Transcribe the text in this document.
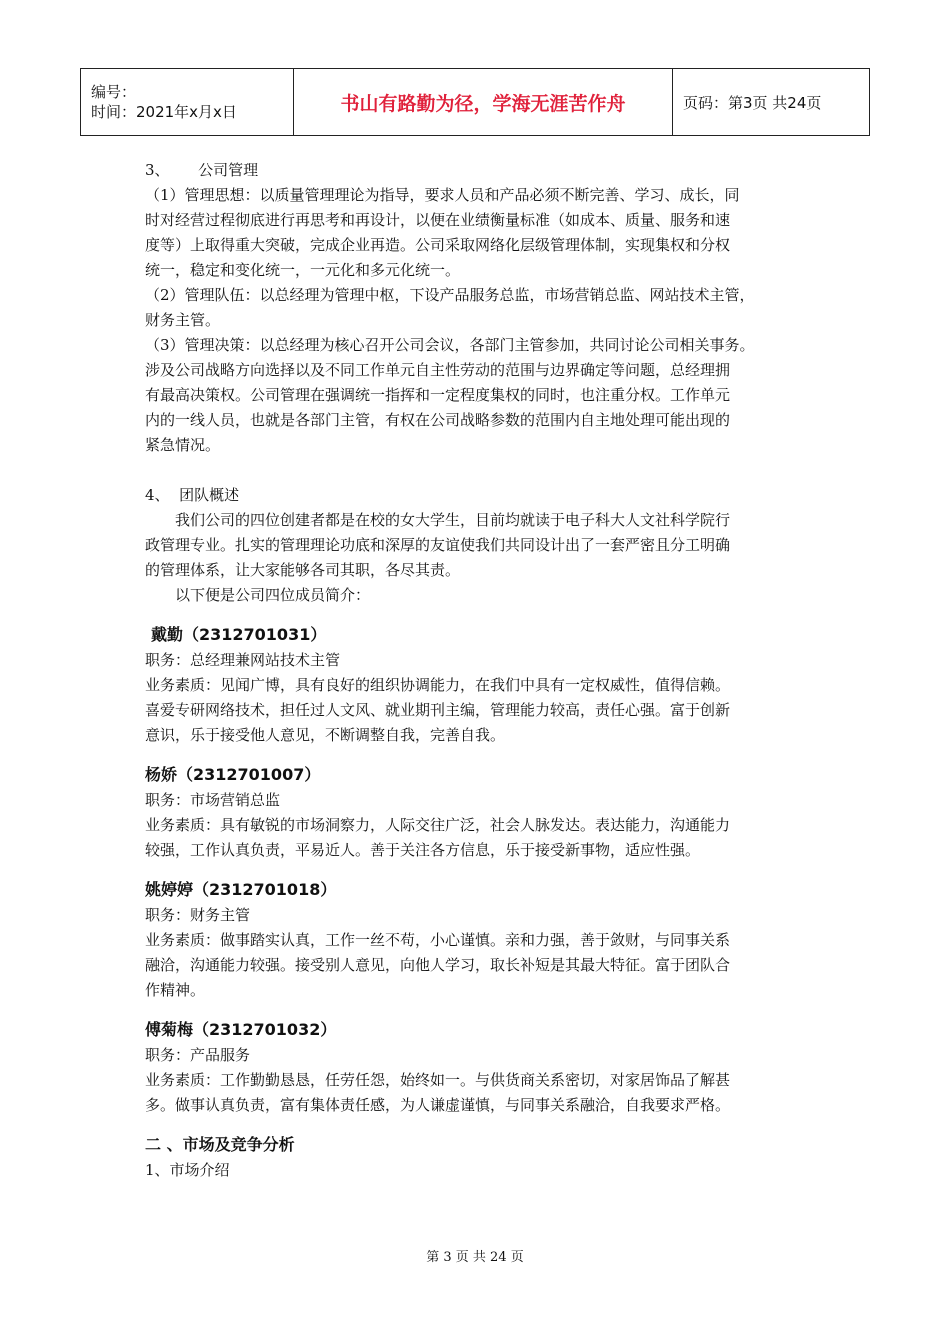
编号：
时间：2021年x月x日	书山有路勤为径，学海无涯苦作舟	页码：第3页 共24页

3、      公司管理

（1）管理思想：以质量管理理论为指导，要求人员和产品必须不断完善、学习、成长，同

时对经营过程彻底进行再思考和再设计，以便在业绩衡量标准（如成本、质量、服务和速

度等）上取得重大突破，完成企业再造。公司采取网络化层级管理体制，实现集权和分权

统一，稳定和变化统一，一元化和多元化统一。

（2）管理队伍：以总经理为管理中枢，下设产品服务总监，市场营销总监、网站技术主管，

财务主管。

（3）管理决策：以总经理为核心召开公司会议，各部门主管参加，共同讨论公司相关事务。

涉及公司战略方向选择以及不同工作单元自主性劳动的范围与边界确定等问题，总经理拥

有最高决策权。公司管理在强调统一指挥和一定程度集权的同时，也注重分权。工作单元

内的一线人员，也就是各部门主管，有权在公司战略参数的范围内自主地处理可能出现的

紧急情况。

4、  团队概述

我们公司的四位创建者都是在校的女大学生，目前均就读于电子科大人文社科学院行

政管理专业。扎实的管理理论功底和深厚的友谊使我们共同设计出了一套严密且分工明确

的管理体系，让大家能够各司其职，各尽其责。

以下便是公司四位成员简介：

戴勤（2312701031）

职务：总经理兼网站技术主管

业务素质：见闻广博，具有良好的组织协调能力，在我们中具有一定权威性，值得信赖。

喜爱专研网络技术，担任过人文风、就业期刊主编，管理能力较高，责任心强。富于创新

意识，乐于接受他人意见，不断调整自我，完善自我。

杨娇（2312701007）

职务：市场营销总监

业务素质：具有敏锐的市场洞察力，人际交往广泛，社会人脉发达。表达能力，沟通能力

较强，工作认真负责，平易近人。善于关注各方信息，乐于接受新事物，适应性强。

姚婷婷（2312701018）

职务：财务主管

业务素质：做事踏实认真，工作一丝不苟，小心谨慎。亲和力强，善于敛财，与同事关系

融洽，沟通能力较强。接受别人意见，向他人学习，取长补短是其最大特征。富于团队合

作精神。

傅菊梅（2312701032）

职务：产品服务

业务素质：工作勤勤恳恳，任劳任怨，始终如一。与供货商关系密切，对家居饰品了解甚

多。做事认真负责，富有集体责任感，为人谦虚谨慎，与同事关系融洽，自我要求严格。

二 、市场及竞争分析

1、市场介绍

第 3 页 共 24 页
